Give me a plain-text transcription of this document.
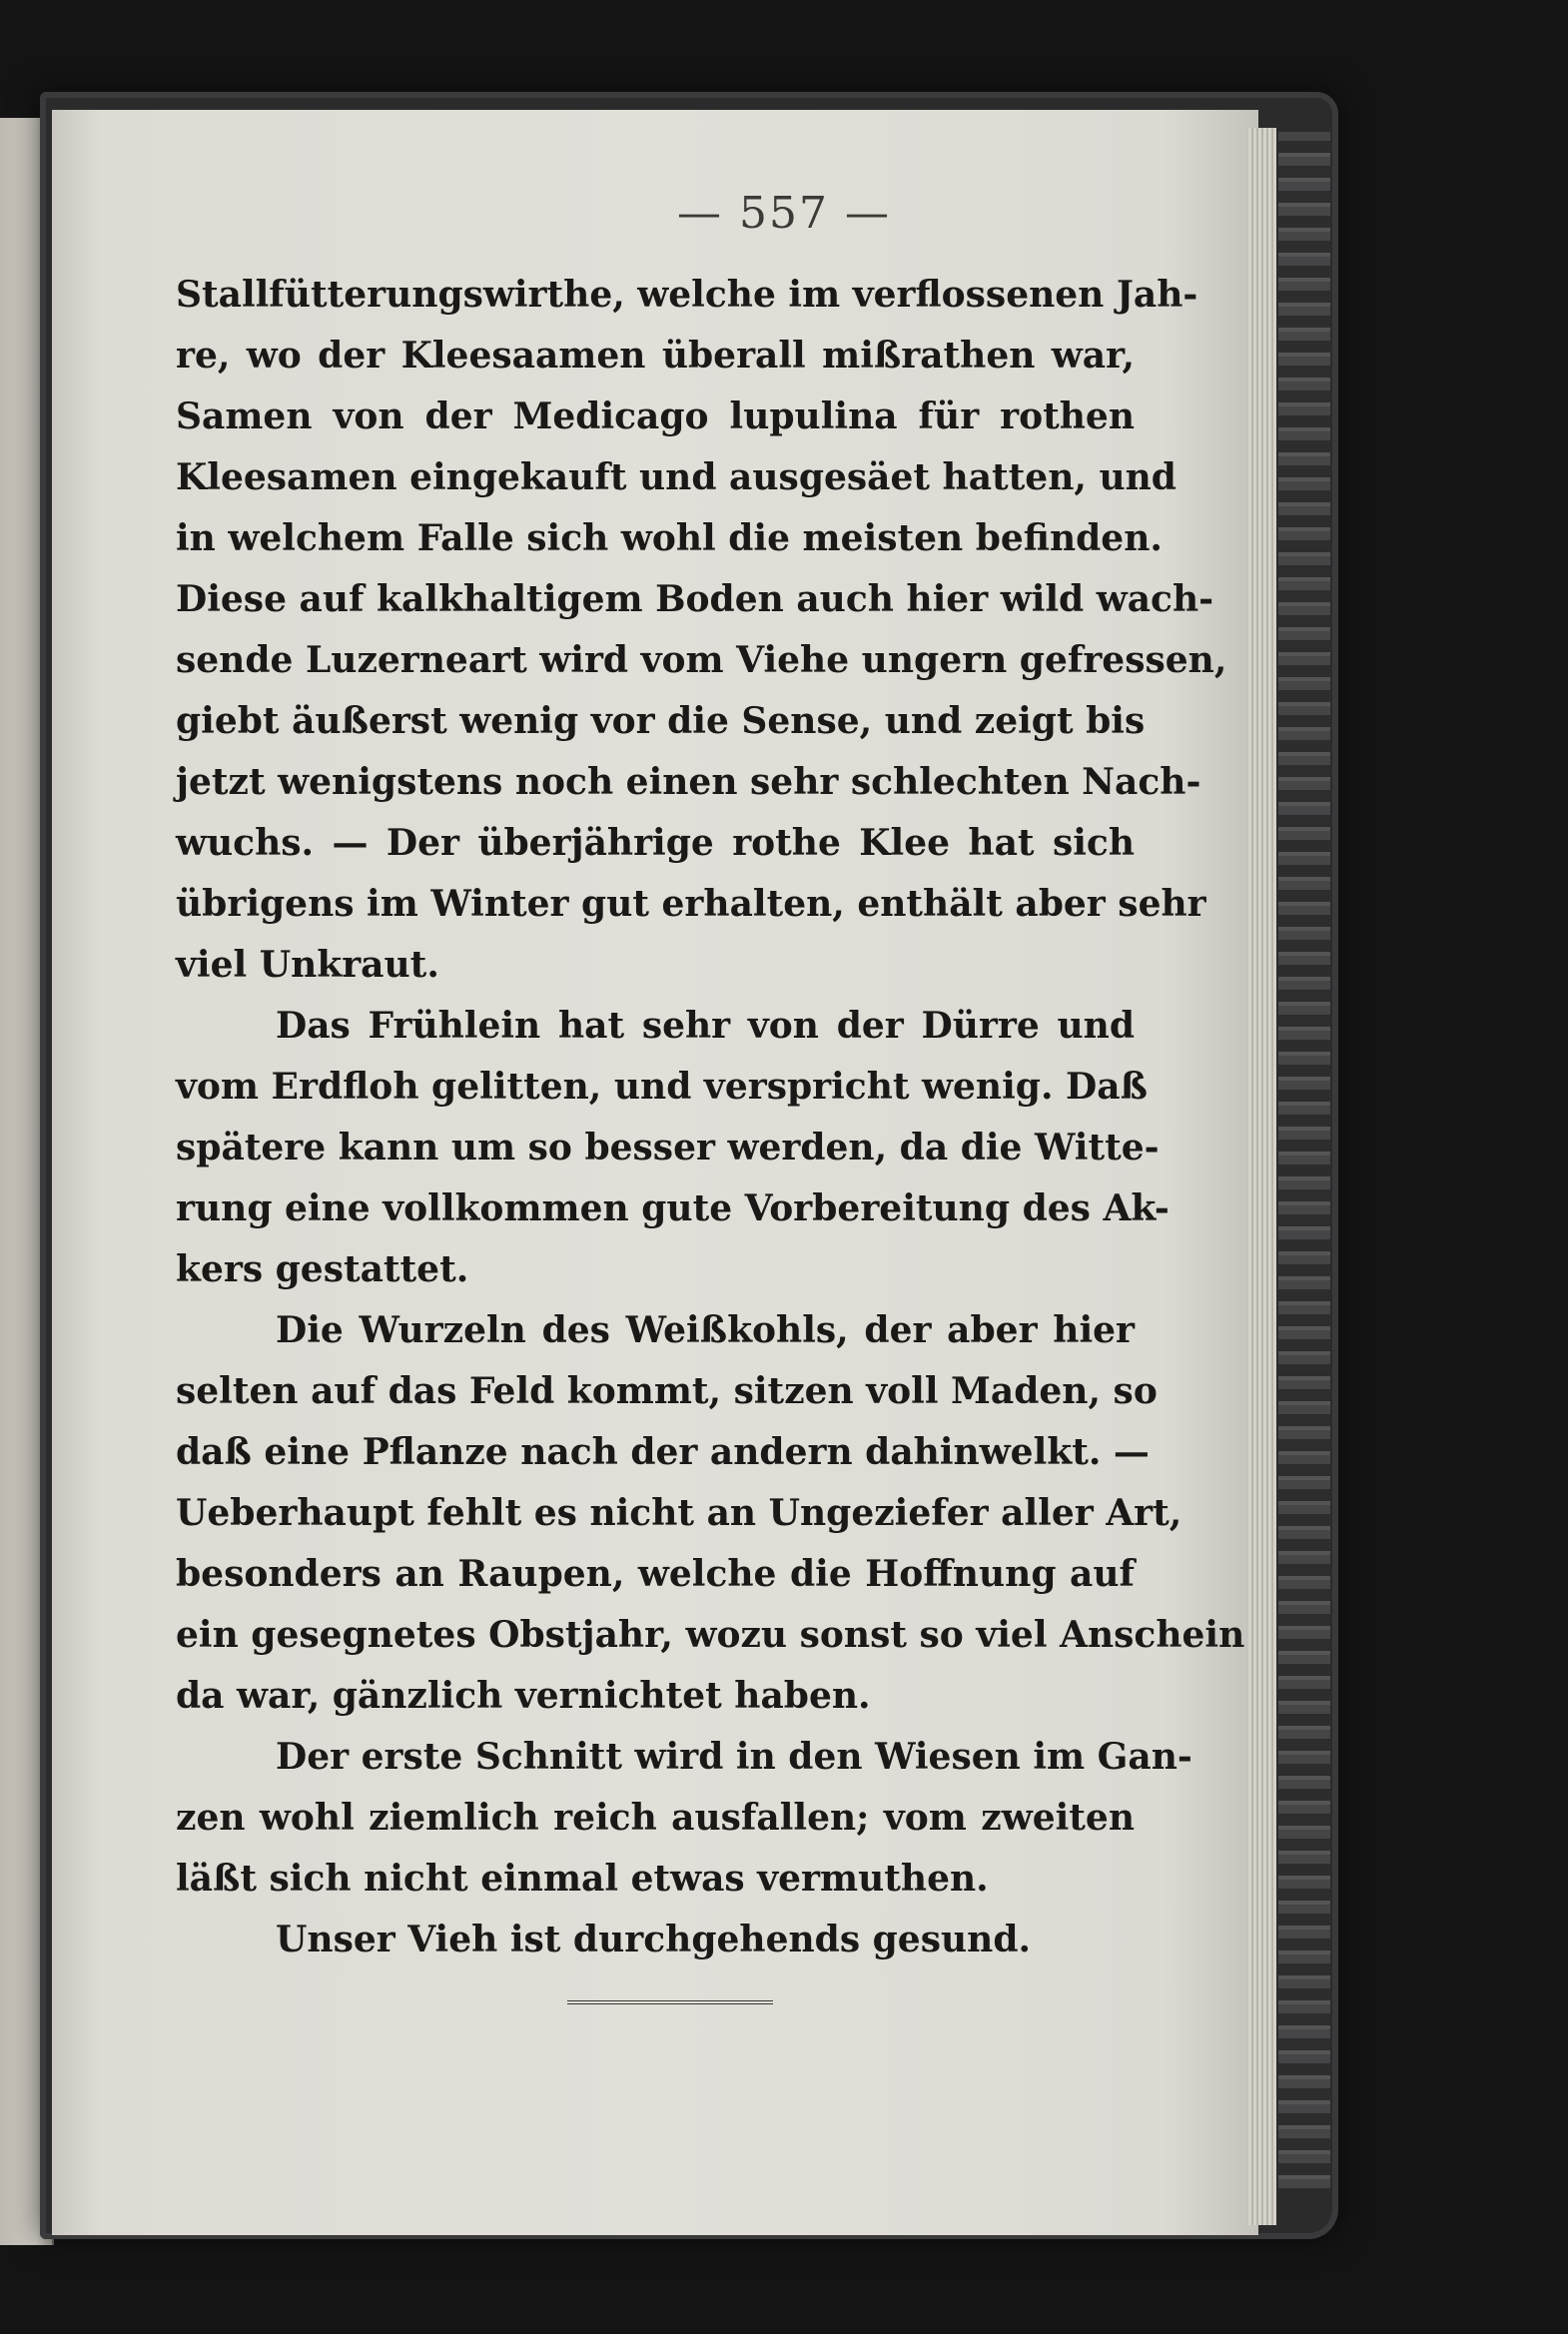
— 557 —
Stallfütterungswirthe, welche im verflossenen Jah-
re, wo der Kleesaamen überall mißrathen war,
Samen von der Medicago lupulina für rothen
Kleesamen eingekauft und ausgesäet hatten, und
in welchem Falle sich wohl die meisten befinden.
Diese auf kalkhaltigem Boden auch hier wild wach-
sende Luzerneart wird vom Viehe ungern gefressen,
giebt äußerst wenig vor die Sense, und zeigt bis
jetzt wenigstens noch einen sehr schlechten Nach-
wuchs. — Der überjährige rothe Klee hat sich
übrigens im Winter gut erhalten, enthält aber sehr
viel Unkraut.
Das Frühlein hat sehr von der Dürre und
vom Erdfloh gelitten, und verspricht wenig. Daß
spätere kann um so besser werden, da die Witte-
rung eine vollkommen gute Vorbereitung des Ak-
kers gestattet.
Die Wurzeln des Weißkohls, der aber hier
selten auf das Feld kommt, sitzen voll Maden, so
daß eine Pflanze nach der andern dahinwelkt. —
Ueberhaupt fehlt es nicht an Ungeziefer aller Art,
besonders an Raupen, welche die Hoffnung auf
ein gesegnetes Obstjahr, wozu sonst so viel Anschein
da war, gänzlich vernichtet haben.
Der erste Schnitt wird in den Wiesen im Gan-
zen wohl ziemlich reich ausfallen; vom zweiten
läßt sich nicht einmal etwas vermuthen.
Unser Vieh ist durchgehends gesund.
